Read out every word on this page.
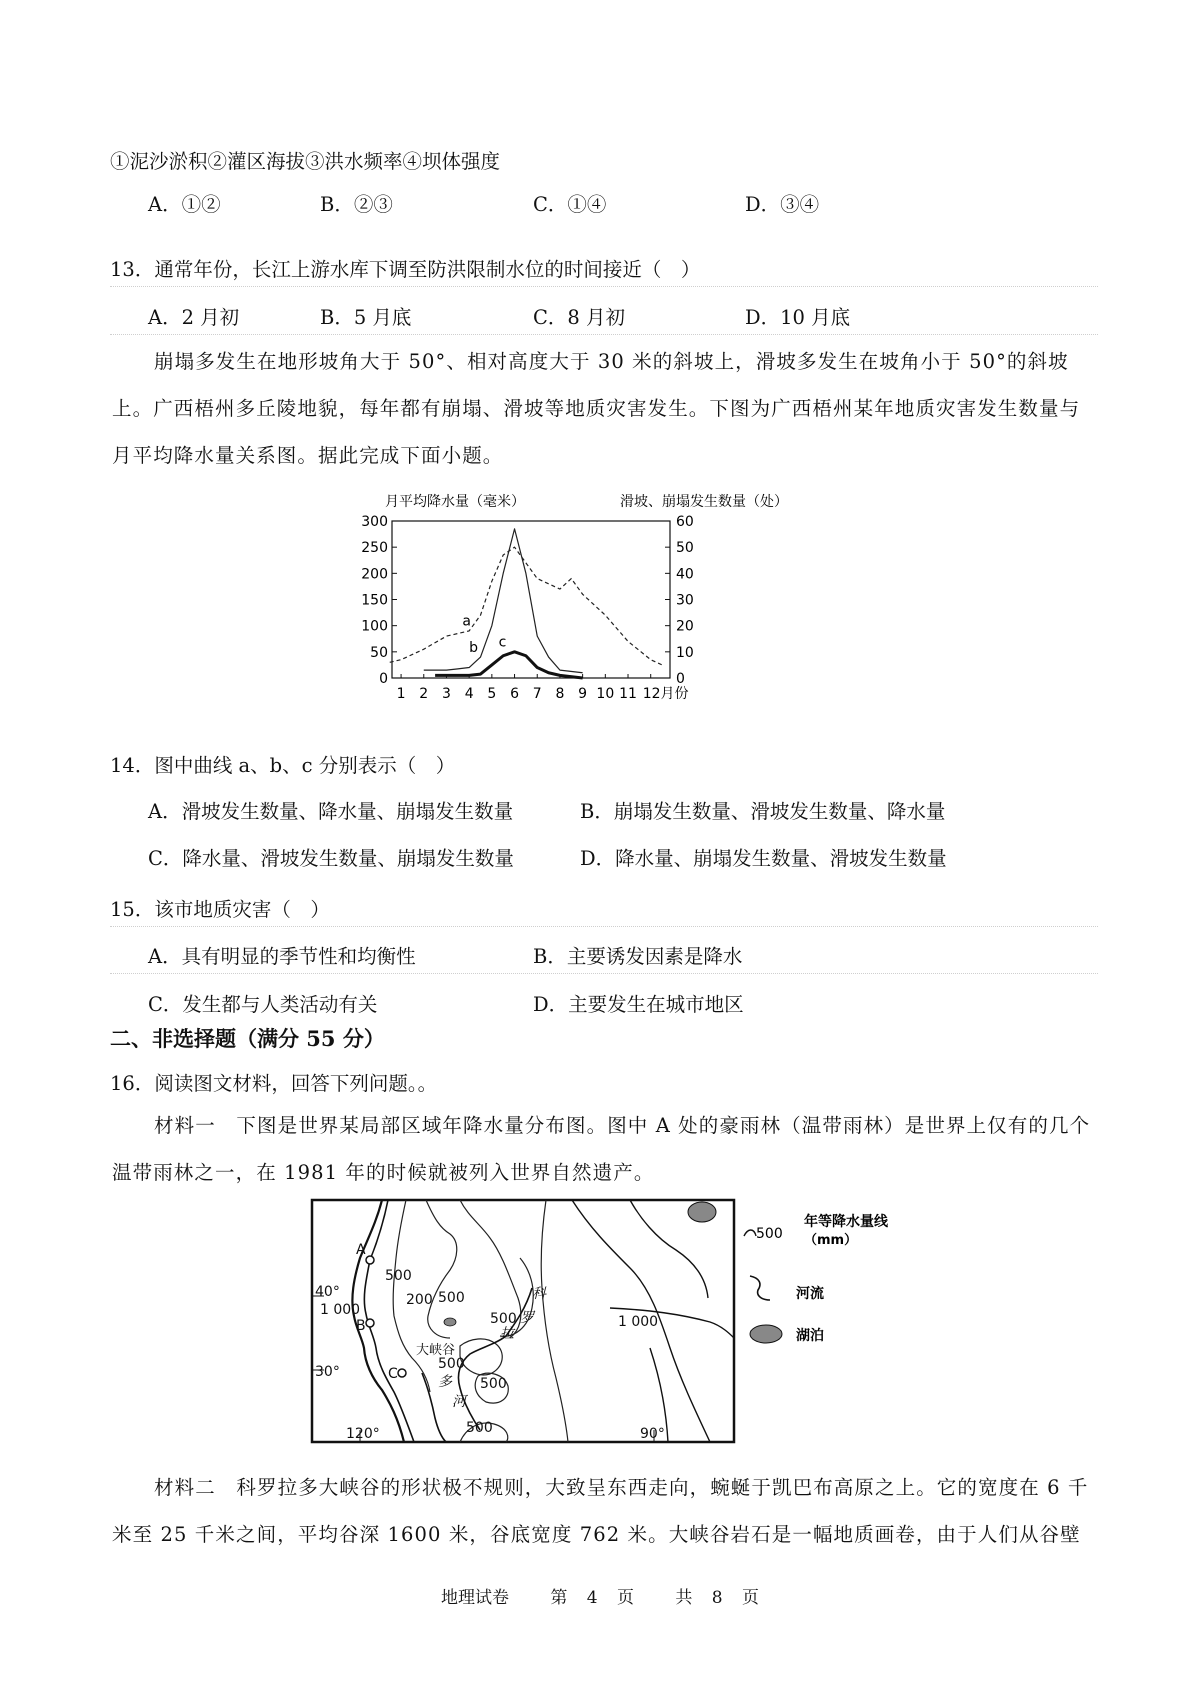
①泥沙淤积②灌区海拔③洪水频率④坝体强度
A．①②	B．②③	C．①④	D．③④
13．通常年份，长江上游水库下调至防洪限制水位的时间接近（　）
A．2 月初	B．5 月底	C．8 月初	D．10 月底
崩塌多发生在地形坡角大于 50°、相对高度大于 30 米的斜坡上，滑坡多发生在坡角小于 50°的斜坡上。广西梧州多丘陵地貌，每年都有崩塌、滑坡等地质灾害发生。下图为广西梧州某年地质灾害发生数量与月平均降水量关系图。据此完成下面小题。
月平均降水量（毫米）	滑坡、崩塌发生数量（处）
a
b c
0
50
100
150
200
250
300
0
10
20
30
40
50
60
1 2 3 4 5 6 7 8 9 10 11 12月份
14．图中曲线 a、b、c 分别表示（　）
A．滑坡发生数量、降水量、崩塌发生数量	B．崩塌发生数量、滑坡发生数量、降水量
C．降水量、滑坡发生数量、崩塌发生数量	D．降水量、崩塌发生数量、滑坡发生数量
15．该市地质灾害（　）
A．具有明显的季节性和均衡性	B．主要诱发因素是降水
C．发生都与人类活动有关	D．主要发生在城市地区
二、非选择题（满分 55 分）
16．阅读图文材料，回答下列问题。。
材料一　下图是世界某局部区域年降水量分布图。图中 A 处的豪雨林（温带雨林）是世界上仅有的几个温带雨林之一，在 1981 年的时候就被列入世界自然遗产。
A
B
C
40°
30°
120°	90°
500
200 500
1 000
500	1 000
500
500
500
大峡谷
科
罗
拉
多
河
500
年等降水量线
（mm）
河流
湖泊
材料二　科罗拉多大峡谷的形状极不规则，大致呈东西走向，蜿蜒于凯巴布高原之上。它的宽度在 6 千米至 25 千米之间，平均谷深 1600 米，谷底宽度 762 米。大峡谷岩石是一幅地质画卷，由于人们从谷壁
地理试卷 第 4 页 共 8 页
